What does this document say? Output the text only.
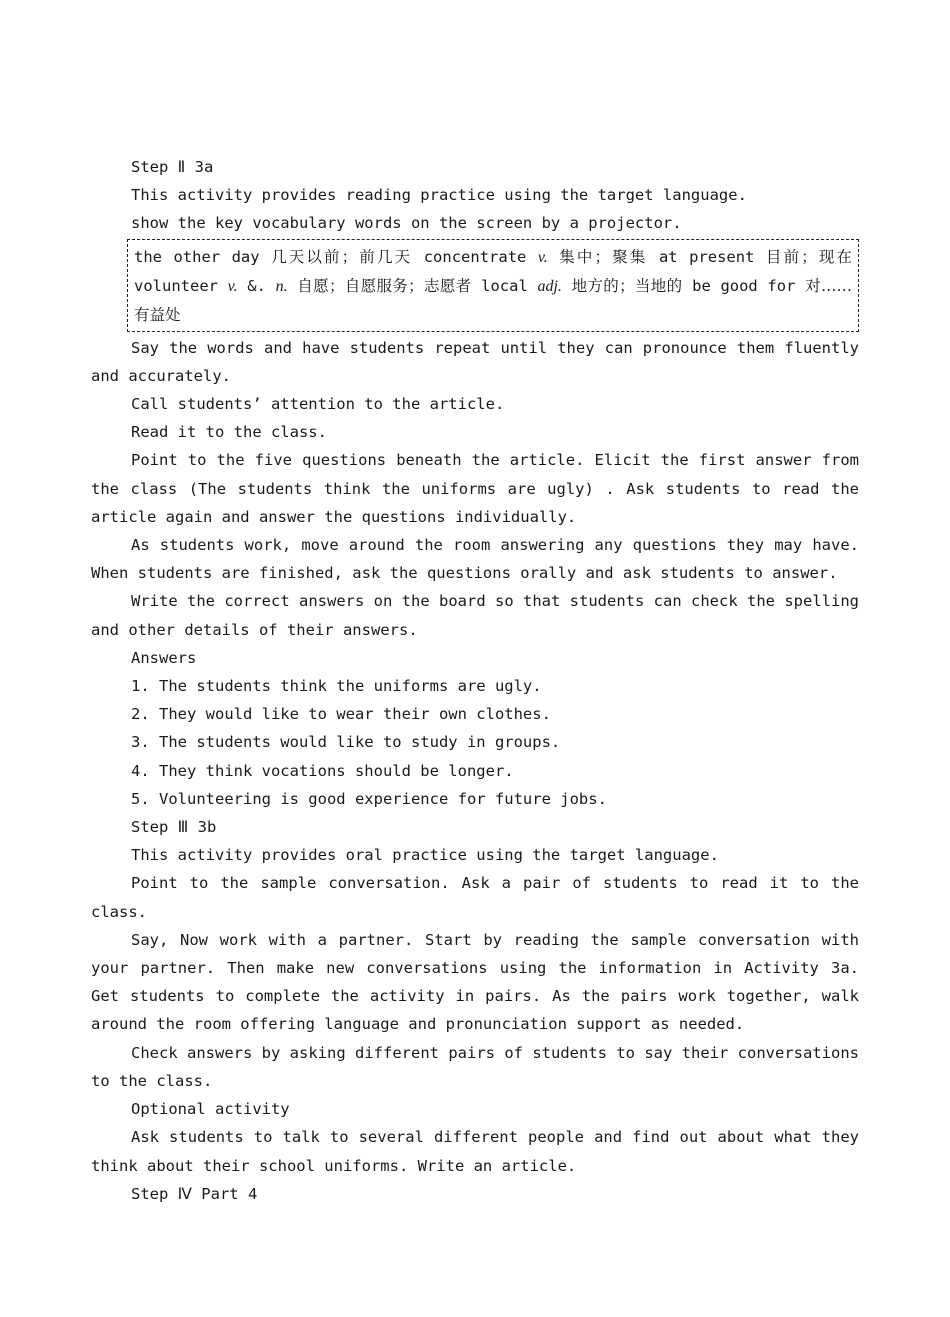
Step Ⅱ 3a

This activity provides reading practice using the target language.

show the key vocabulary words on the screen by a projector.

the other day 几天以前；前几天 concentrate v. 集中；聚集 at present 目前；现在 volunteer v. &. n. 自愿；自愿服务；志愿者 local adj. 地方的；当地的 be good for 对……有益处

Say the words and have students repeat until they can pronounce them fluently and accurately.

Call students’ attention to the article.

Read it to the class.

Point to the five questions beneath the article. Elicit the first answer from the class (The students think the uniforms are ugly) . Ask students to read the article again and answer the questions individually.

As students work, move around the room answering any questions they may have. When students are finished, ask the questions orally and ask students to answer.

Write the correct answers on the board so that students can check the spelling and other details of their answers.

Answers

1. The students think the uniforms are ugly.

2. They would like to wear their own clothes.

3. The students would like to study in groups.

4. They think vocations should be longer.

5. Volunteering is good experience for future jobs.

Step Ⅲ 3b

This activity provides oral practice using the target language.

Point to the sample conversation. Ask a pair of students to read it to the class.

Say, Now work with a partner. Start by reading the sample conversation with your partner. Then make new conversations using the information in Activity 3a. Get students to complete the activity in pairs. As the pairs work together, walk around the room offering language and pronunciation support as needed.

Check answers by asking different pairs of students to say their conversations to the class.

Optional activity

Ask students to talk to several different people and find out about what they think about their school uniforms. Write an article.

Step Ⅳ Part 4
